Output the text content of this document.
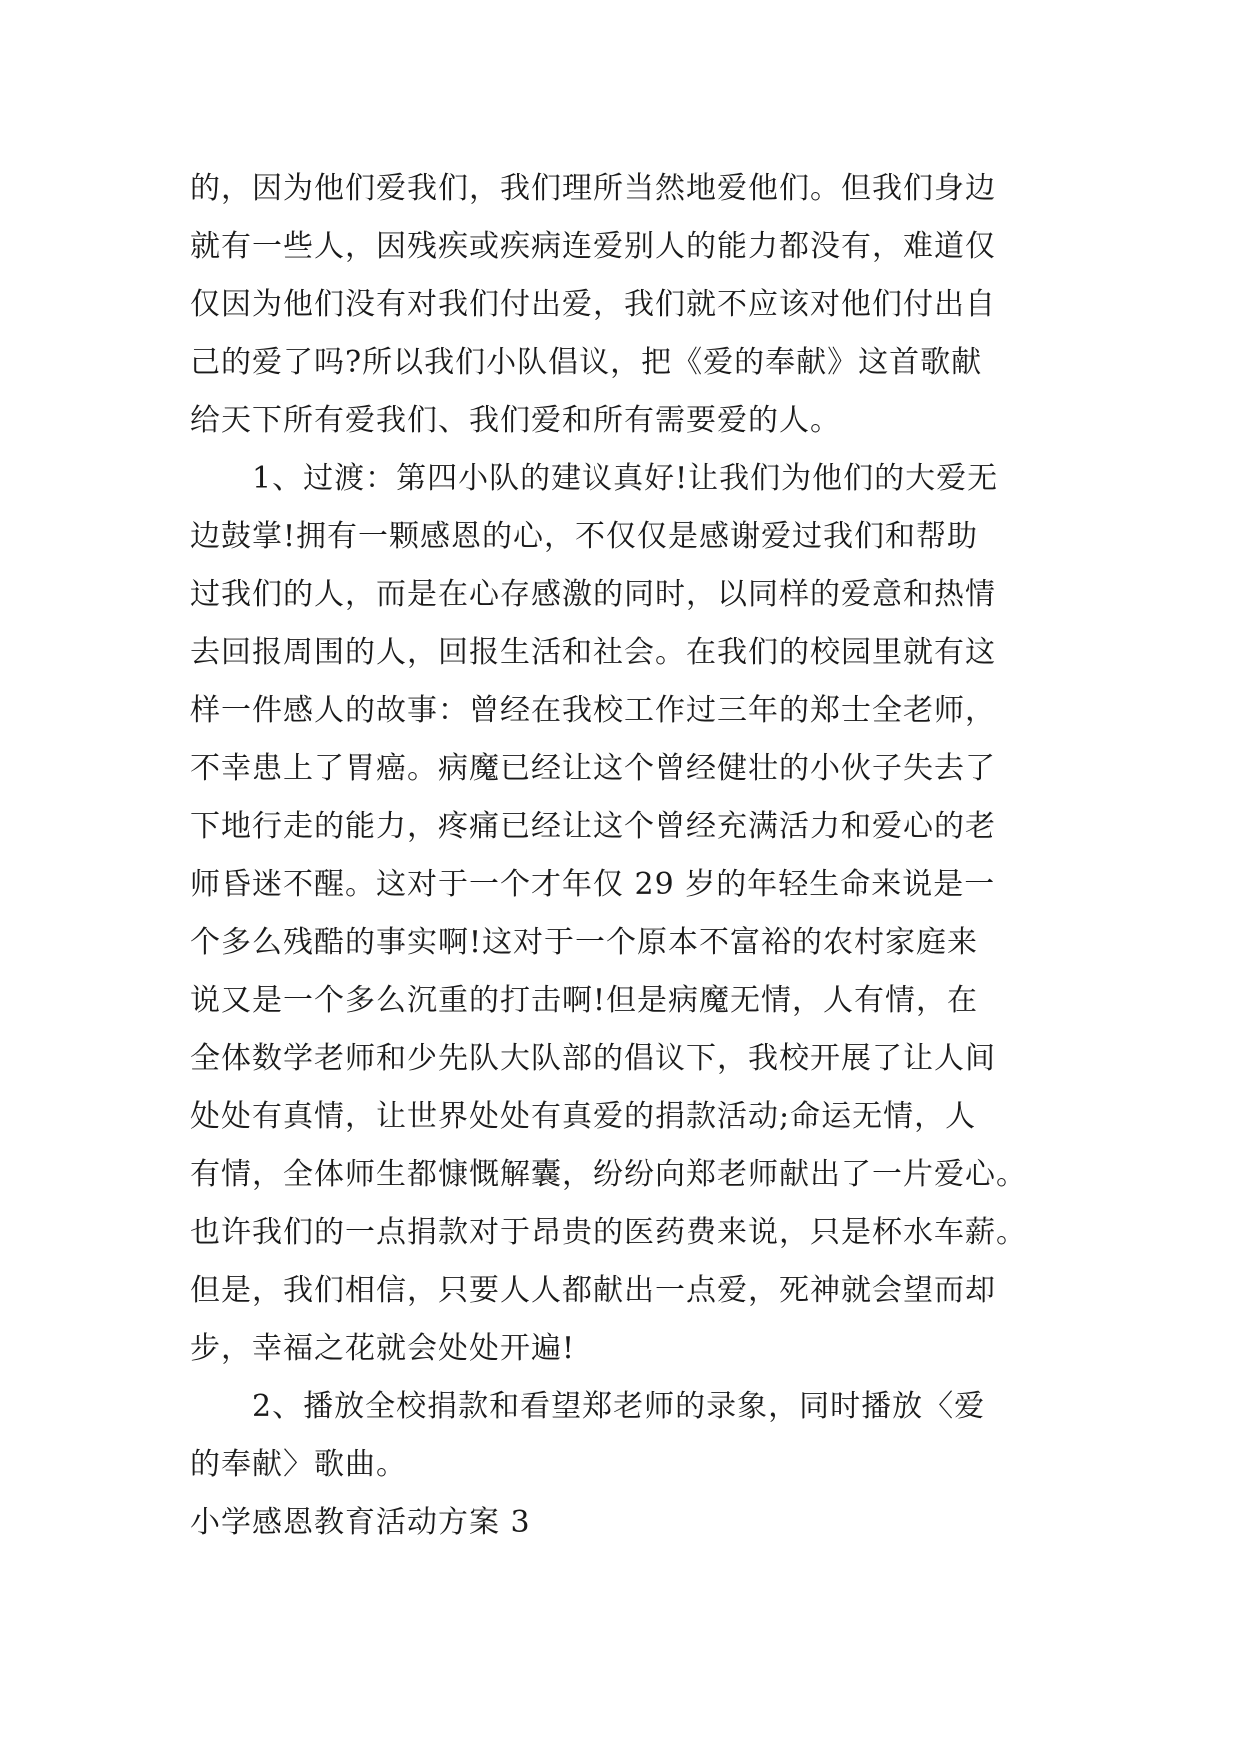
的，因为他们爱我们，我们理所当然地爱他们。但我们身边
就有一些人，因残疾或疾病连爱别人的能力都没有，难道仅
仅因为他们没有对我们付出爱，我们就不应该对他们付出自
己的爱了吗?所以我们小队倡议，把《爱的奉献》这首歌献
给天下所有爱我们、我们爱和所有需要爱的人。
1、过渡：第四小队的建议真好!让我们为他们的大爱无
边鼓掌!拥有一颗感恩的心，不仅仅是感谢爱过我们和帮助
过我们的人，而是在心存感激的同时，以同样的爱意和热情
去回报周围的人，回报生活和社会。在我们的校园里就有这
样一件感人的故事：曾经在我校工作过三年的郑士全老师，
不幸患上了胃癌。病魔已经让这个曾经健壮的小伙子失去了
下地行走的能力，疼痛已经让这个曾经充满活力和爱心的老
师昏迷不醒。这对于一个才年仅 29 岁的年轻生命来说是一
个多么残酷的事实啊!这对于一个原本不富裕的农村家庭来
说又是一个多么沉重的打击啊!但是病魔无情，人有情，在
全体数学老师和少先队大队部的倡议下，我校开展了让人间
处处有真情，让世界处处有真爱的捐款活动;命运无情，人
有情，全体师生都慷慨解囊，纷纷向郑老师献出了一片爱心。
也许我们的一点捐款对于昂贵的医药费来说，只是杯水车薪。
但是，我们相信，只要人人都献出一点爱，死神就会望而却
步，幸福之花就会处处开遍!
2、播放全校捐款和看望郑老师的录象，同时播放〈爱
的奉献〉歌曲。
小学感恩教育活动方案 3
